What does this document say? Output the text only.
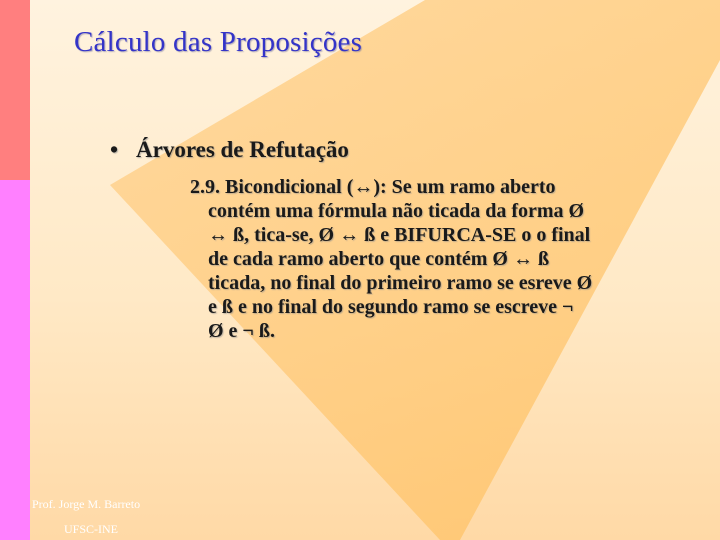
Cálculo das Proposições
• Árvores de Refutação
2.9. Bicondicional (↔): Se um ramo aberto
contém uma fórmula não ticada da forma Ø
↔ ß, tica-se, Ø ↔ ß e BIFURCA-SE o o final
de cada ramo aberto que contém Ø ↔ ß
ticada, no final do primeiro ramo se esreve Ø
e ß e no final do segundo ramo se escreve ¬
Ø e ¬ ß.
Prof. Jorge M. Barreto
UFSC-INE
